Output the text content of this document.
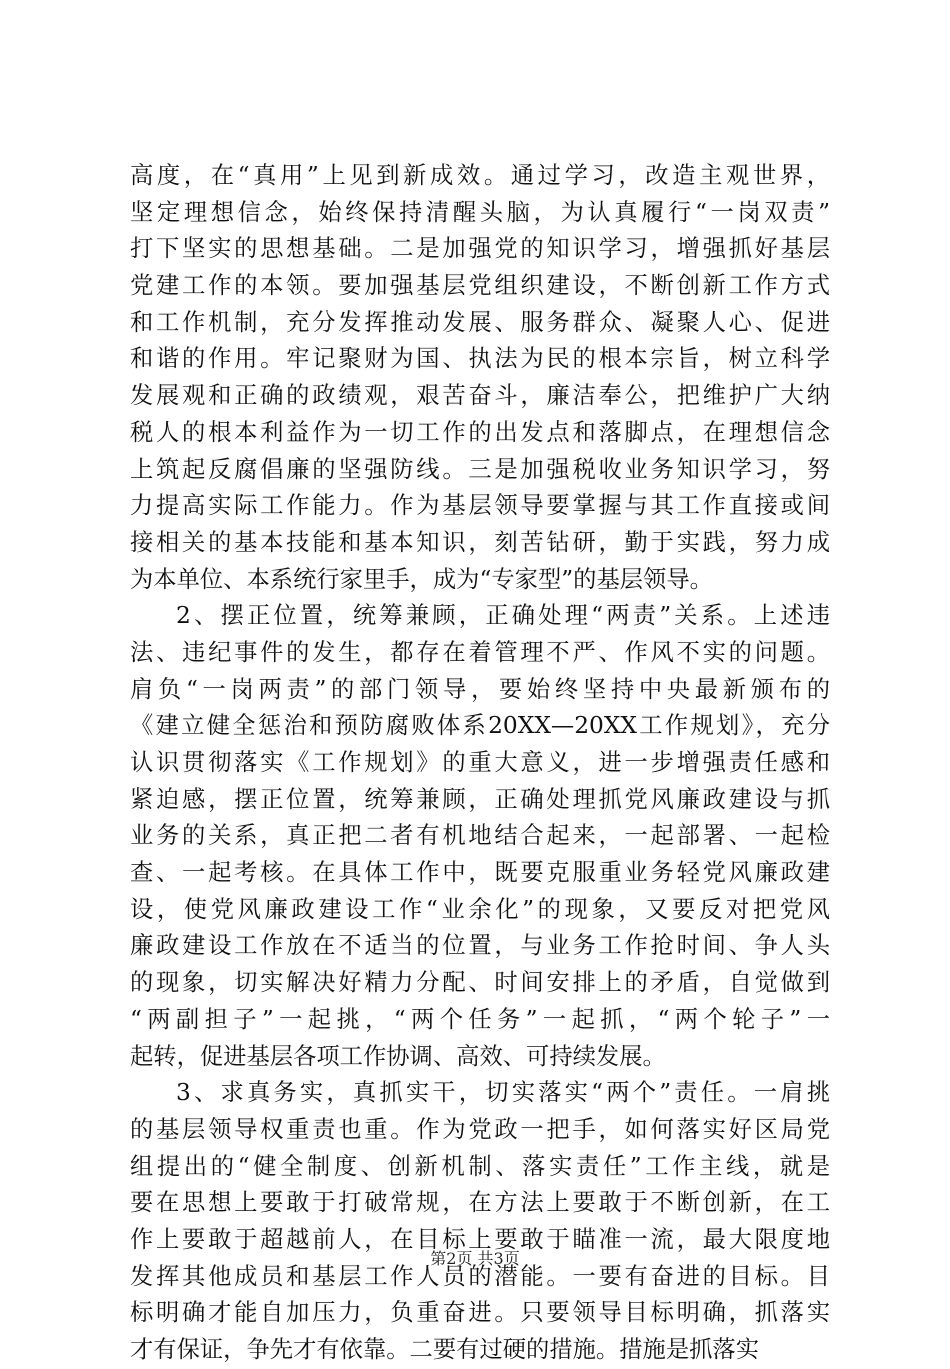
高度，在“真用”上见到新成效。通过学习，改造主观世界，
坚定理想信念，始终保持清醒头脑，为认真履行“一岗双责”
打下坚实的思想基础。二是加强党的知识学习，增强抓好基层
党建工作的本领。要加强基层党组织建设，不断创新工作方式
和工作机制，充分发挥推动发展、服务群众、凝聚人心、促进
和谐的作用。牢记聚财为国、执法为民的根本宗旨，树立科学
发展观和正确的政绩观，艰苦奋斗，廉洁奉公，把维护广大纳
税人的根本利益作为一切工作的出发点和落脚点，在理想信念
上筑起反腐倡廉的坚强防线。三是加强税收业务知识学习，努
力提高实际工作能力。作为基层领导要掌握与其工作直接或间
接相关的基本技能和基本知识，刻苦钻研，勤于实践，努力成
为本单位、本系统行家里手，成为“专家型”的基层领导。
2、摆正位置，统筹兼顾，正确处理“两责”关系。上述违
法、违纪事件的发生，都存在着管理不严、作风不实的问题。
肩负“一岗两责”的部门领导，要始终坚持中央最新颁布的
《建立健全惩治和预防腐败体系20XX—20XX工作规划》，充分
认识贯彻落实《工作规划》的重大意义，进一步增强责任感和
紧迫感，摆正位置，统筹兼顾，正确处理抓党风廉政建设与抓
业务的关系，真正把二者有机地结合起来，一起部署、一起检
查、一起考核。在具体工作中，既要克服重业务轻党风廉政建
设，使党风廉政建设工作“业余化”的现象，又要反对把党风
廉政建设工作放在不适当的位置，与业务工作抢时间、争人头
的现象，切实解决好精力分配、时间安排上的矛盾，自觉做到
“两副担子”一起挑，“两个任务”一起抓，“两个轮子”一
起转，促进基层各项工作协调、高效、可持续发展。
3、求真务实，真抓实干，切实落实“两个”责任。一肩挑
的基层领导权重责也重。作为党政一把手，如何落实好区局党
组提出的“健全制度、创新机制、落实责任”工作主线，就是
要在思想上要敢于打破常规，在方法上要敢于不断创新，在工
作上要敢于超越前人，在目标上要敢于瞄准一流，最大限度地
发挥其他成员和基层工作人员的潜能。一要有奋进的目标。目
标明确才能自加压力，负重奋进。只要领导目标明确，抓落实
才有保证，争先才有依靠。二要有过硬的措施。措施是抓落实
第2页 共3页
